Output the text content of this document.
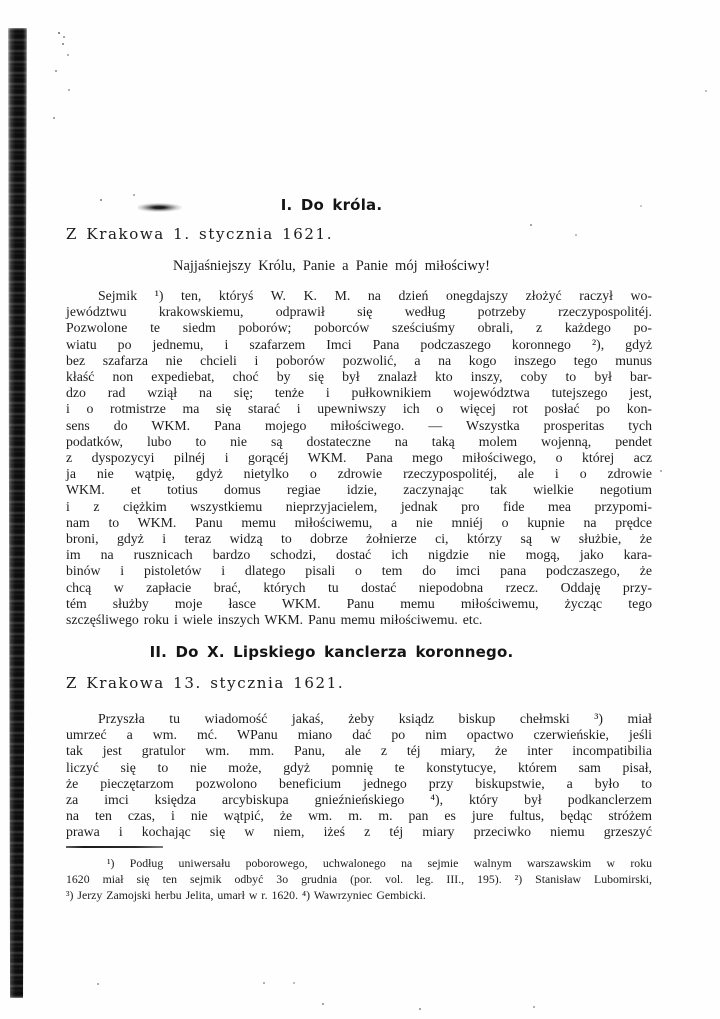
I. Do króla.
Z Krakowa 1. stycznia 1621.
Najjaśniejszy Królu, Panie a Panie mój miłościwy!
Sejmik ¹) ten, któryś W. K. M. na dzień onegdajszy złożyć raczył wo-
jewództwu krakowskiemu, odprawił się według potrzeby rzeczypospolitéj.
Pozwolone te siedm poborów; poborców sześciuśmy obrali, z każdego po-
wiatu po jednemu, i szafarzem Imci Pana podczaszego koronnego ²), gdyż
bez szafarza nie chcieli i poborów pozwolić, a na kogo inszego tego munus
kłaść non expediebat, choć by się był znalazł kto inszy, coby to był bar-
dzo rad wziął na się; tenże i pułkownikiem województwa tutejszego jest,
i o rotmistrze ma się starać i upewniwszy ich o więcej rot posłać po kon-
sens do WKM. Pana mojego miłościwego. — Wszystka prosperitas tych
podatków, lubo to nie są dostateczne na taką molem wojenną, pendet
z dyspozycyi pilnéj i gorącéj WKM. Pana mego miłościwego, o której acz
ja nie wątpię, gdyż nietylko o zdrowie rzeczypospolitéj, ale i o zdrowie
WKM. et totius domus regiae idzie, zaczynając tak wielkie negotium
i z ciężkim wszystkiemu nieprzyjacielem, jednak pro fide mea przypomi-
nam to WKM. Panu memu miłościwemu, a nie mniéj o kupnie na prędce
broni, gdyż i teraz widzą to dobrze żołnierze ci, którzy są w służbie, że
im na rusznicach bardzo schodzi, dostać ich nigdzie nie mogą, jako kara-
binów i pistoletów i dlatego pisali o tem do imci pana podczaszego, że
chcą w zapłacie brać, których tu dostać niepodobna rzecz. Oddaję przy-
tém służby moje łasce WKM. Panu memu miłościwemu, życząc tego
szczęśliwego roku i wiele inszych WKM. Panu memu miłościwemu. etc.
II. Do X. Lipskiego kanclerza koronnego.
Z Krakowa 13. stycznia 1621.
Przyszła tu wiadomość jakaś, żeby ksiądz biskup chełmski ³) miał
umrzeć a wm. mć. WPanu miano dać po nim opactwo czerwieńskie, jeśli
tak jest gratulor wm. mm. Panu, ale z téj miary, że inter incompatibilia
liczyć się to nie może, gdyż pomnię te konstytucye, którem sam pisał,
że pieczętarzom pozwolono beneficium jednego przy biskupstwie, a było to
za imci księdza arcybiskupa gnieźnieńskiego ⁴), który był podkanclerzem
na ten czas, i nie wątpić, że wm. m. m. pan es jure fultus, będąc stróżem
prawa i kochając się w niem, iżeś z téj miary przeciwko niemu grzeszyć
¹) Podług uniwersału poborowego, uchwalonego na sejmie walnym warszawskim w roku
1620 miał się ten sejmik odbyć 3o grudnia (por. vol. leg. III., 195). ²) Stanisław Lubomirski,
³) Jerzy Zamojski herbu Jelita, umarł w r. 1620. ⁴) Wawrzyniec Gembicki.
